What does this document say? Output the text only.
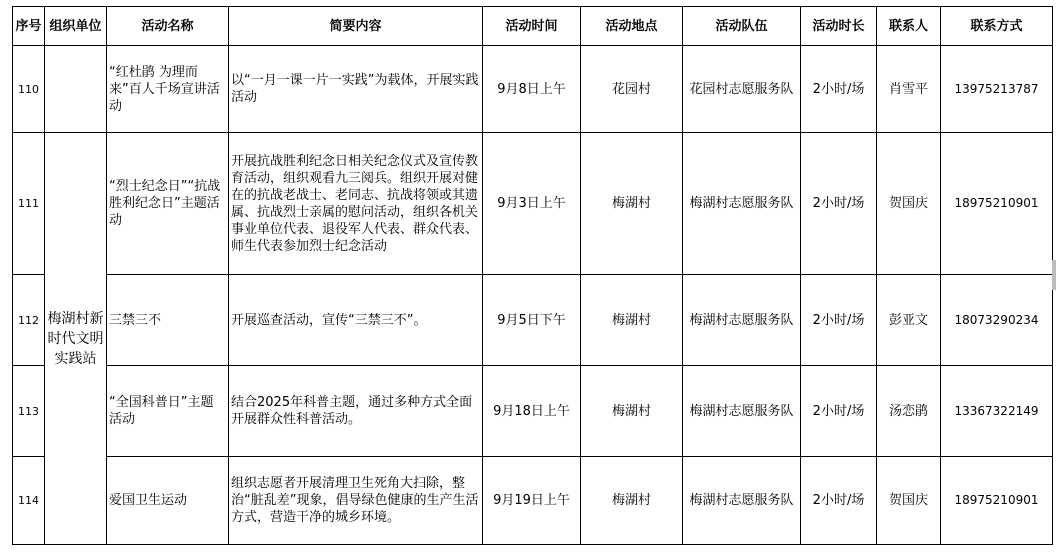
序号	组织单位	活动名称	简要内容	活动时间	活动地点	活动队伍	活动时长	联系人	联系方式
110		“红杜鹃 为理而来”百人千场宣讲活动	以“一月一课一片一实践”为载体，开展实践活动	9月8日上午	花园村	花园村志愿服务队	2小时/场	肖雪平	13975213787
111	梅湖村新时代文明实践站	“烈士纪念日”“抗战胜利纪念日”主题活动	开展抗战胜利纪念日相关纪念仪式及宣传教育活动，组织观看九三阅兵。组织开展对健在的抗战老战士、老同志、抗战将领或其遗属、抗战烈士亲属的慰问活动，组织各机关事业单位代表、退役军人代表、群众代表、师生代表参加烈士纪念活动	9月3日上午	梅湖村	梅湖村志愿服务队	2小时/场	贺国庆	18975210901
112		三禁三不	开展巡查活动，宣传“三禁三不”。	9月5日下午	梅湖村	梅湖村志愿服务队	2小时/场	彭亚文	18073290234
113		“全国科普日”主题活动	结合2025年科普主题，通过多种方式全面开展群众性科普活动。	9月18日上午	梅湖村	梅湖村志愿服务队	2小时/场	汤恋鹃	13367322149
114		爱国卫生运动	组织志愿者开展清理卫生死角大扫除，整治“脏乱差”现象，倡导绿色健康的生产生活方式，营造干净的城乡环境。	9月19日上午	梅湖村	梅湖村志愿服务队	2小时/场	贺国庆	18975210901
